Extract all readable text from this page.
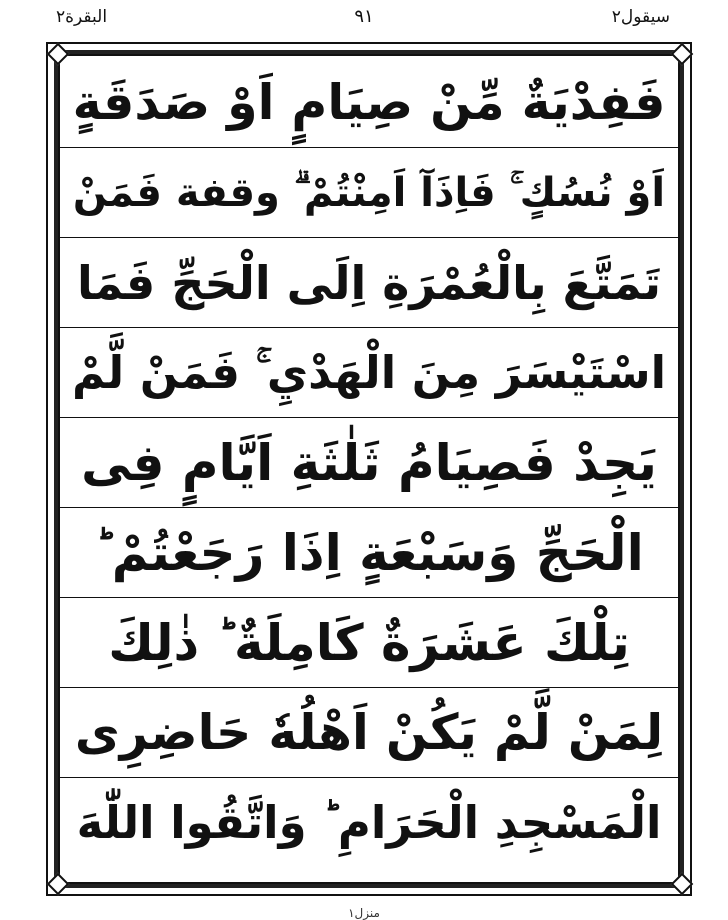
البقرة٢	٩١	سيقول٢
فَفِدْيَةٌ مِّنْ صِيَامٍ اَوْ صَدَقَةٍ
اَوْ نُسُكٍ ۚ فَاِذَآ اَمِنْتُمْ ۗ وقفة فَمَنْ
تَمَتَّعَ بِالْعُمْرَةِ اِلَى الْحَجِّ فَمَا
اسْتَيْسَرَ مِنَ الْهَدْيِ ۚ فَمَنْ لَّمْ
يَجِدْ فَصِيَامُ ثَلٰثَةِ اَيَّامٍ فِى
الْحَجِّ وَسَبْعَةٍ اِذَا رَجَعْتُمْ ؕ
تِلْكَ عَشَرَةٌ كَامِلَةٌ ؕ ذٰلِكَ
لِمَنْ لَّمْ يَكُنْ اَهْلُهٗ حَاضِرِى
الْمَسْجِدِ الْحَرَامِ ؕ وَاتَّقُوا اللّٰهَ
منزل١
